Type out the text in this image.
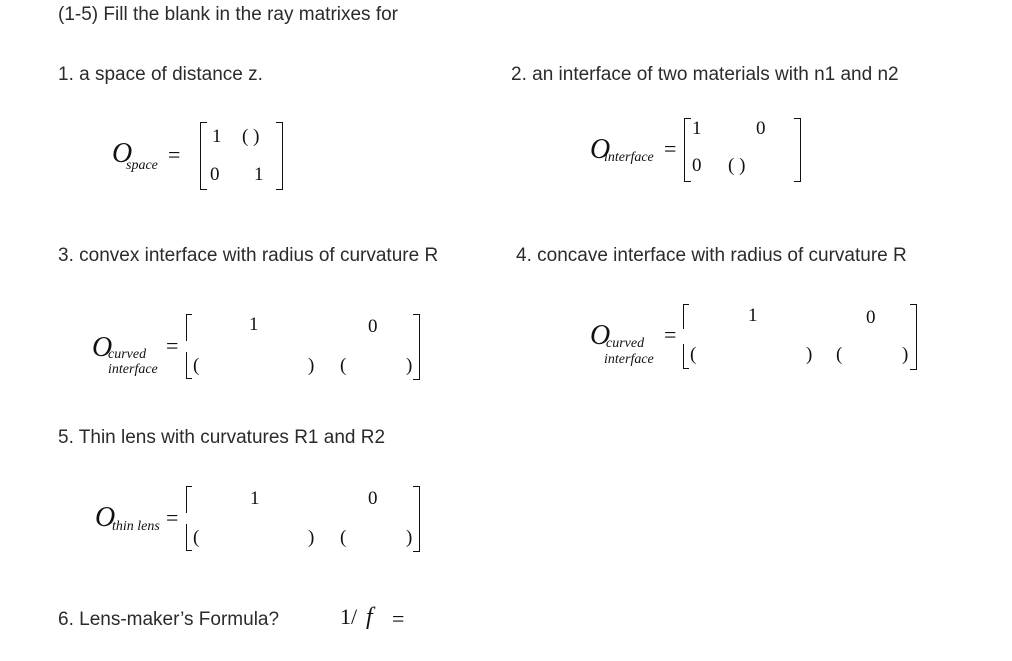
(1-5) Fill the blank in the ray matrixes for
1. a space of distance z.
O
space =
1 ( )
0 1
2. an interface of two materials with n1 and n2
O
interface =
1	0
0 ( )
3. convex interface with radius of curvature R
O
curved
interface
=
1	0
(	) (	)
4. concave interface with radius of curvature R
O
curved
interface
=
1	0
(	) (	)
5. Thin lens with curvatures R1 and R2
O
thin lens =
1	0
(	) (	)
6. Lens-maker’s Formula?	1/ f =
